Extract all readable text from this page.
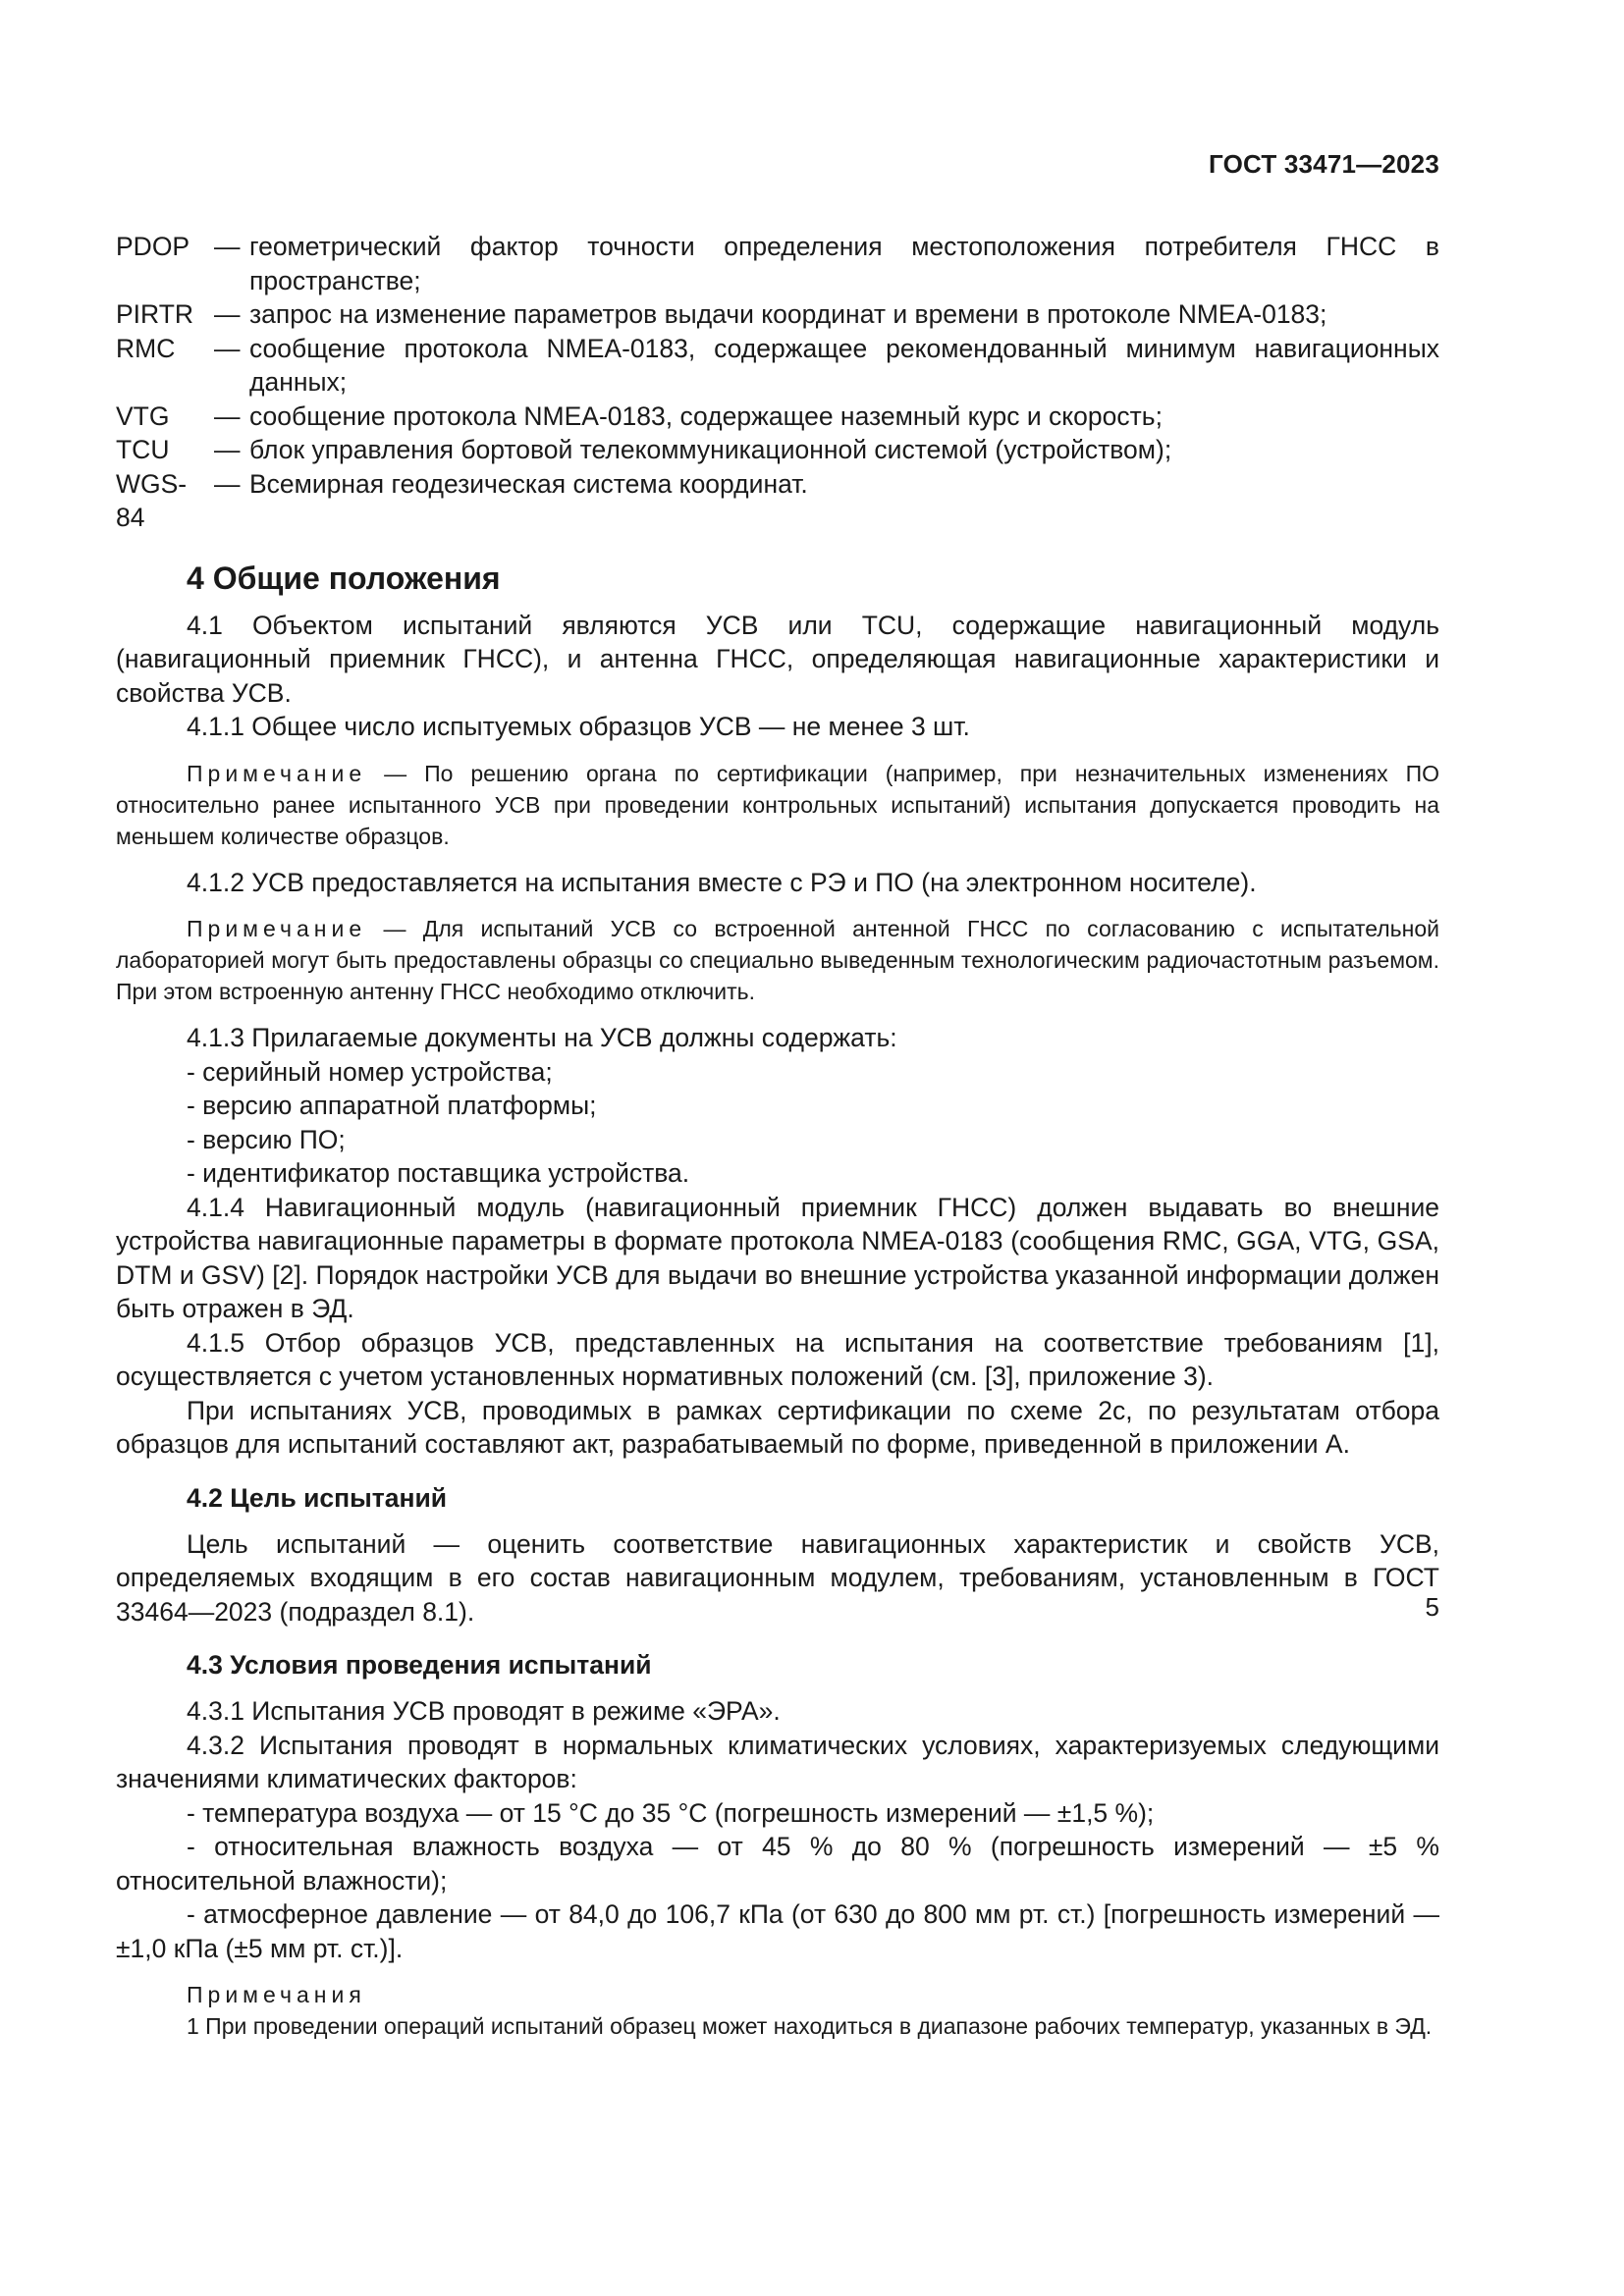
ГОСТ 33471—2023
PDOP — геометрический фактор точности определения местоположения потребителя ГНСС в пространстве;
PIRTR — запрос на изменение параметров выдачи координат и времени в протоколе NMEA-0183;
RMC	— сообщение протокола NMEA-0183, содержащее рекомендованный минимум навигационных данных;
VTG	— сообщение протокола NMEA-0183, содержащее наземный курс и скорость;
TCU	— блок управления бортовой телекоммуникационной системой (устройством);
WGS-84
— Всемирная геодезическая система координат.
4 Общие положения

4.1 Объектом испытаний являются УСВ или TCU, содержащие навигационный модуль (навигационный приемник ГНСС), и антенна ГНСС, определяющая навигационные характеристики и свойства УСВ.

4.1.1 Общее число испытуемых образцов УСВ — не менее 3 шт.

Примечание — По решению органа по сертификации (например, при незначительных изменениях ПО относительно ранее испытанного УСВ при проведении контрольных испытаний) испытания допускается проводить на меньшем количестве образцов.

4.1.2 УСВ предоставляется на испытания вместе с РЭ и ПО (на электронном носителе).

Примечание — Для испытаний УСВ со встроенной антенной ГНСС по согласованию с испытательной лабораторией могут быть предоставлены образцы со специально выведенным технологическим радиочастотным разъемом. При этом встроенную антенну ГНСС необходимо отключить.

4.1.3 Прилагаемые документы на УСВ должны содержать:

- серийный номер устройства;

- версию аппаратной платформы;

- версию ПО;

- идентификатор поставщика устройства.

4.1.4 Навигационный модуль (навигационный приемник ГНСС) должен выдавать во внешние устройства навигационные параметры в формате протокола NMEA-0183 (сообщения RMC, GGA, VTG, GSA, DTM и GSV) [2]. Порядок настройки УСВ для выдачи во внешние устройства указанной информации должен быть отражен в ЭД.

4.1.5 Отбор образцов УСВ, представленных на испытания на соответствие требованиям [1], осуществляется с учетом установленных нормативных положений (см. [3], приложение 3).

При испытаниях УСВ, проводимых в рамках сертификации по схеме 2с, по результатам отбора образцов для испытаний составляют акт, разрабатываемый по форме, приведенной в приложении А.

4.2 Цель испытаний

Цель испытаний — оценить соответствие навигационных характеристик и свойств УСВ, определяемых входящим в его состав навигационным модулем, требованиям, установленным в ГОСТ 33464—2023 (подраздел 8.1).

4.3 Условия проведения испытаний

4.3.1 Испытания УСВ проводят в режиме «ЭРА».

4.3.2 Испытания проводят в нормальных климатических условиях, характеризуемых следующими значениями климатических факторов:

- температура воздуха — от 15 °С до 35 °С (погрешность измерений — ±1,5 %);

- относительная влажность воздуха — от 45 % до 80 % (погрешность измерений — ±5 % относительной влажности);

- атмосферное давление — от 84,0 до 106,7 кПа (от 630 до 800 мм рт. ст.) [погрешность измерений — ±1,0 кПа (±5 мм рт. ст.)].

Примечания

1 При проведении операций испытаний образец может находиться в диапазоне рабочих температур, указанных в ЭД.

5
